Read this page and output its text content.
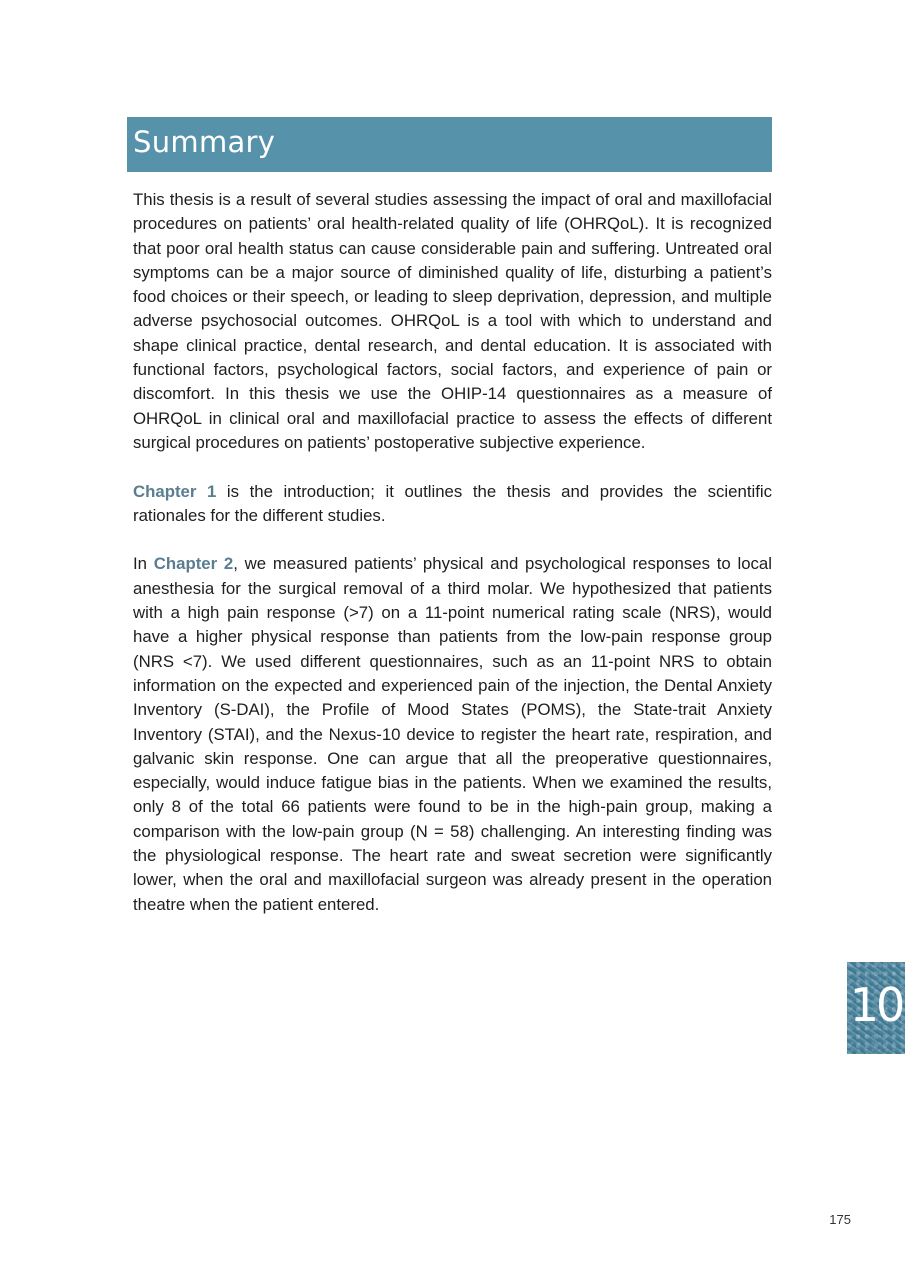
Summary

This thesis is a result of several studies assessing the impact of oral and maxillofacial procedures on patients’ oral health-related quality of life (OHRQoL). It is recognized that poor oral health status can cause considerable pain and suffering. Untreated oral symptoms can be a major source of diminished quality of life, disturbing a patient’s food choices or their speech, or leading to sleep deprivation, depression, and multiple adverse psychosocial outcomes. OHRQoL is a tool with which to understand and shape clinical practice, dental research, and dental education. It is associated with functional factors, psychological factors, social factors, and experience of pain or discomfort. In this thesis we use the OHIP-14 questionnaires as a measure of OHRQoL in clinical oral and maxillofacial practice to assess the effects of different surgical procedures on patients’ postoperative subjective experience.

Chapter 1 is the introduction; it outlines the thesis and provides the scientific rationales for the different studies.

In Chapter 2, we measured patients’ physical and psychological responses to local anesthesia for the surgical removal of a third molar. We hypothesized that patients with a high pain response (>7) on a 11-point numerical rating scale (NRS), would have a higher physical response than patients from the low-pain response group (NRS <7). We used different questionnaires, such as an 11-point NRS to obtain information on the expected and experienced pain of the injection, the Dental Anxiety Inventory (S-DAI), the Profile of Mood States (POMS), the State-trait Anxiety Inventory (STAI), and the Nexus-10 device to register the heart rate, respiration, and galvanic skin response. One can argue that all the preoperative questionnaires, especially, would induce fatigue bias in the patients. When we examined the results, only 8 of the total 66 patients were found to be in the high-pain group, making a comparison with the low-pain group (N = 58) challenging. An interesting finding was the physiological response. The heart rate and sweat secretion were significantly lower, when the oral and maxillofacial surgeon was already present in the operation theatre when the patient entered.

10
175
